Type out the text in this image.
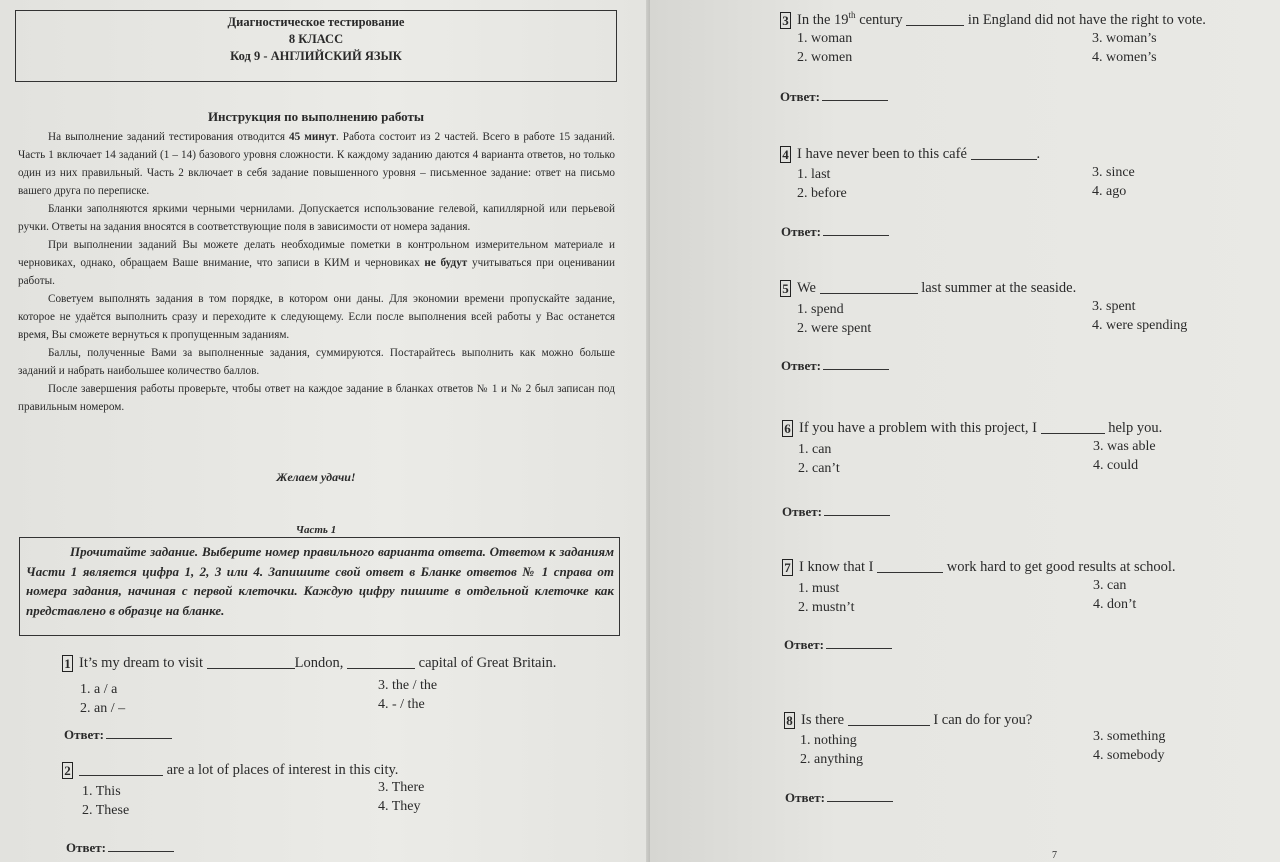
Диагностическое тестирование
8 КЛАСС
Код 9 - АНГЛИЙСКИЙ ЯЗЫК
Инструкция по выполнению работы

На выполнение заданий тестирования отводится 45 минут. Работа состоит из 2 частей. Всего в работе 15 заданий. Часть 1 включает 14 заданий (1 – 14) базового уровня сложности. К каждому заданию даются 4 варианта ответов, но только один из них правильный. Часть 2 включает в себя задание повышенного уровня – письменное задание: ответ на письмо вашего друга по переписке.

Бланки заполняются яркими черными чернилами. Допускается использование гелевой, капиллярной или перьевой ручки. Ответы на задания вносятся в соответствующие поля в зависимости от номера задания.

При выполнении заданий Вы можете делать необходимые пометки в контрольном измерительном материале и черновиках, однако, обращаем Ваше внимание, что записи в КИМ и черновиках не будут учитываться при оценивании работы.

Советуем выполнять задания в том порядке, в котором они даны. Для экономии времени пропускайте задание, которое не удаётся выполнить сразу и переходите к следующему. Если после выполнения всей работы у Вас останется время, Вы сможете вернуться к пропущенным заданиям.

Баллы, полученные Вами за выполненные задания, суммируются. Постарайтесь выполнить как можно больше заданий и набрать наибольшее количество баллов.

После завершения работы проверьте, чтобы ответ на каждое задание в бланках ответов № 1 и № 2 был записан под правильным номером.

Желаем удачи!
Часть 1
Прочитайте задание. Выберите номер правильного варианта ответа. Ответом к заданиям Части 1 является цифра 1, 2, 3 или 4. Запишите свой ответ в Бланке ответов № 1 справа от номера задания, начиная с первой клеточки. Каждую цифру пишите в отдельной клеточке как представлено в образце на бланке.
1 It’s my dream to visit	London,	capital of Great Britain.
1. a / a
2. an / –
3. the / the
4. - / the
Ответ:
2	are a lot of places of interest in this city.
1. This
2. These
3. There
4. They
Ответ:
3 In the 19th century	in England did not have the right to vote.
1. woman
2. women
3. woman’s
4. women’s
Ответ:
4 I have never been to this café	.
1. last
2. before
3. since
4. ago
Ответ:
5 We	last summer at the seaside.
1. spend
2. were spent
3. spent
4. were spending
Ответ:
6 If you have a problem with this project, I	help you.
1. can
2. can’t
3. was able
4. could
Ответ:
7 I know that I	work hard to get good results at school.
1. must
2. mustn’t
3. can
4. don’t
Ответ:
8 Is there	I can do for you?
1. nothing
2. anything
3. something
4. somebody
Ответ:
7
